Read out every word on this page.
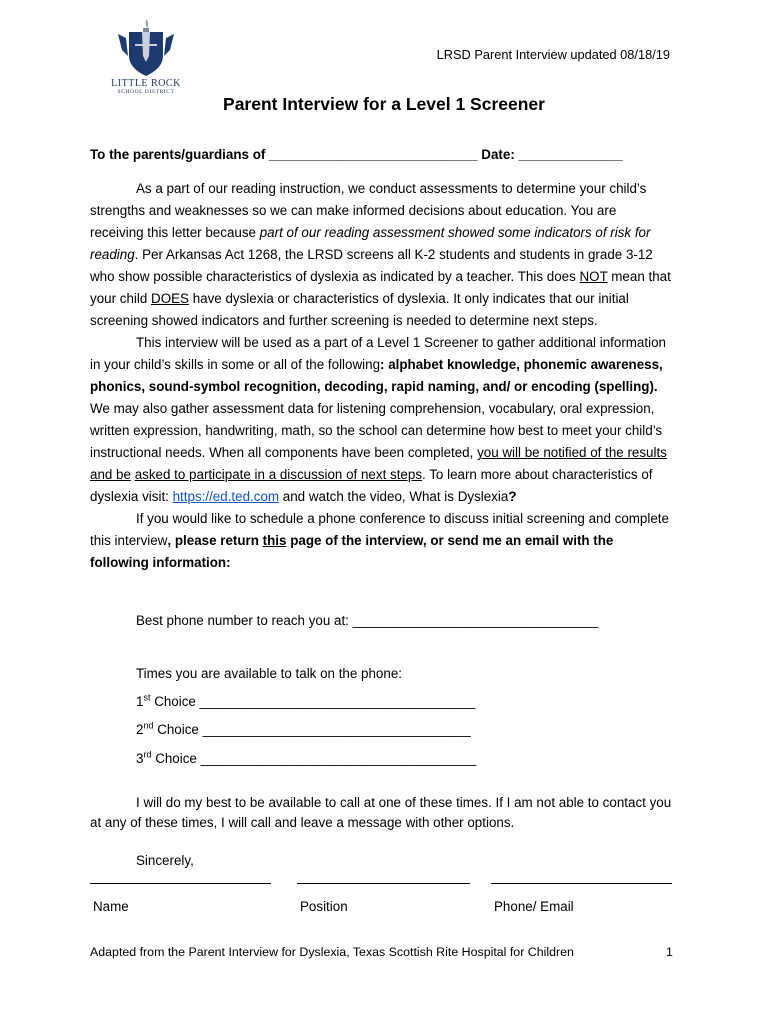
LITTLE ROCK
SCHOOL DISTRICT
LRSD Parent Interview updated 08/18/19
Parent Interview for a Level 1 Screener
To the parents/guardians of ____________________________ Date: ______________

As a part of our reading instruction, we conduct assessments to determine your child’s strengths and weaknesses so we can make informed decisions about education. You are receiving this letter because part of our reading assessment showed some indicators of risk for reading. Per Arkansas Act 1268, the LRSD screens all K-2 students and students in grade 3-12 who show possible characteristics of dyslexia as indicated by a teacher. This does NOT mean that your child DOES have dyslexia or characteristics of dyslexia. It only indicates that our initial screening showed indicators and further screening is needed to determine next steps.

This interview will be used as a part of a Level 1 Screener to gather additional information in your child’s skills in some or all of the following: alphabet knowledge, phonemic awareness, phonics, sound-symbol recognition, decoding, rapid naming, and/ or encoding (spelling). We may also gather assessment data for listening comprehension, vocabulary, oral expression, written expression, handwriting, math, so the school can determine how best to meet your child’s instructional needs. When all components have been completed, you will be notified of the results and be asked to participate in a discussion of next steps. To learn more about characteristics of dyslexia visit: https://ed.ted.com and watch the video, What is Dyslexia?

If you would like to schedule a phone conference to discuss initial screening and complete this interview, please return this page of the interview, or send me an email with the following information:

Best phone number to reach you at: _________________________________
Times you are available to talk on the phone:
1st Choice _____________________________________
2nd Choice ____________________________________
3rd Choice _____________________________________
I will do my best to be available to call at one of these times. If I am not able to contact you at any of these times, I will call and leave a message with other options.
Sincerely,
Name	Position	Phone/ Email
Adapted from the Parent Interview for Dyslexia, Texas Scottish Rite Hospital for Children	1
